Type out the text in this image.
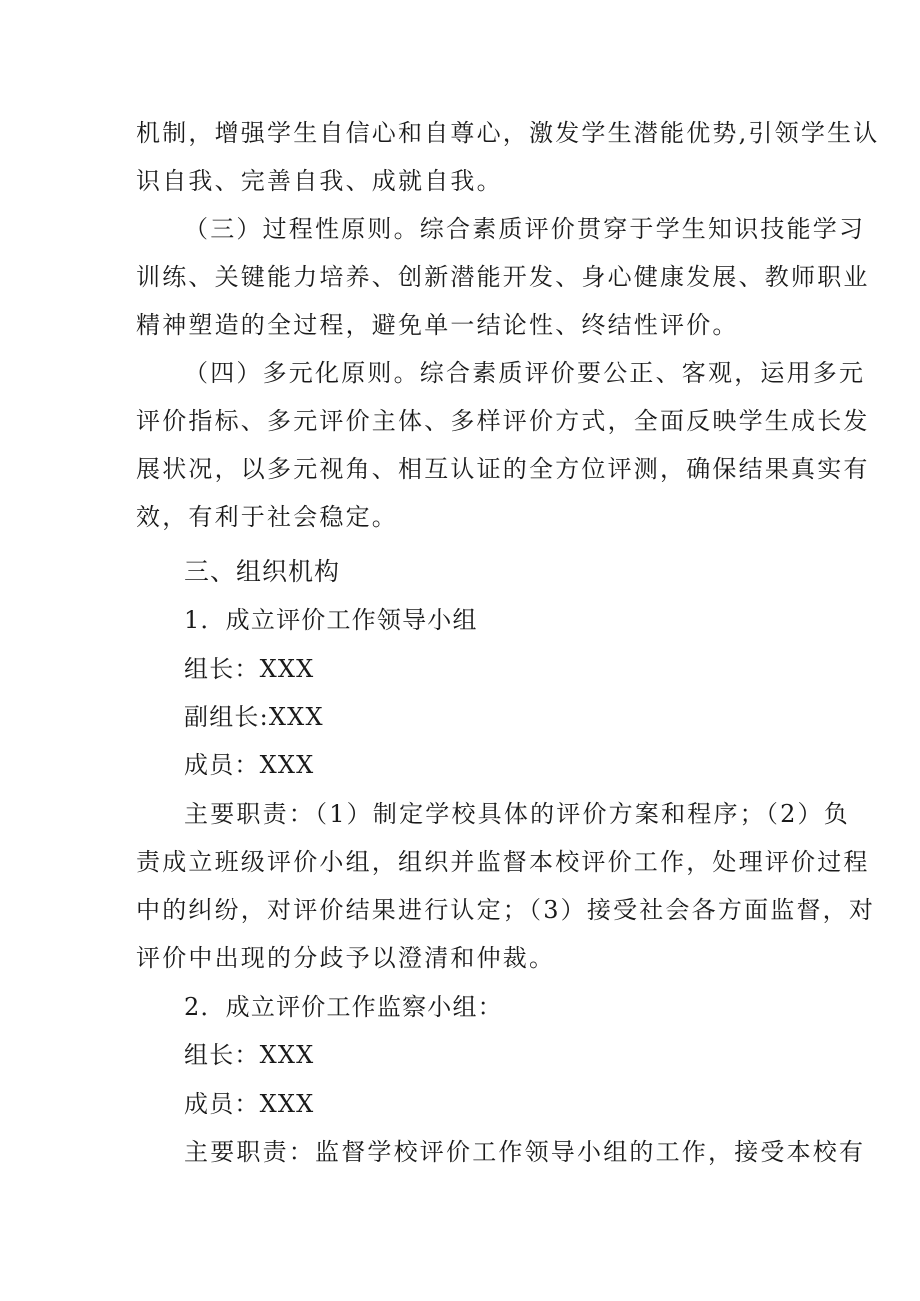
机制，增强学生自信心和自尊心，激发学生潜能优势,引领学生认
识自我、完善自我、成就自我。
（三）过程性原则。综合素质评价贯穿于学生知识技能学习
训练、关键能力培养、创新潜能开发、身心健康发展、教师职业
精神塑造的全过程，避免单一结论性、终结性评价。
（四）多元化原则。综合素质评价要公正、客观，运用多元
评价指标、多元评价主体、多样评价方式，全面反映学生成长发
展状况，以多元视角、相互认证的全方位评测，确保结果真实有
效，有利于社会稳定。
三、组织机构
1．成立评价工作领导小组
组长：XXX
副组长:XXX
成员：XXX
主要职责：（1）制定学校具体的评价方案和程序；（2）负
责成立班级评价小组，组织并监督本校评价工作，处理评价过程
中的纠纷，对评价结果进行认定；（3）接受社会各方面监督，对
评价中出现的分歧予以澄清和仲裁。
2．成立评价工作监察小组：
组长：XXX
成员：XXX
主要职责：监督学校评价工作领导小组的工作，接受本校有
